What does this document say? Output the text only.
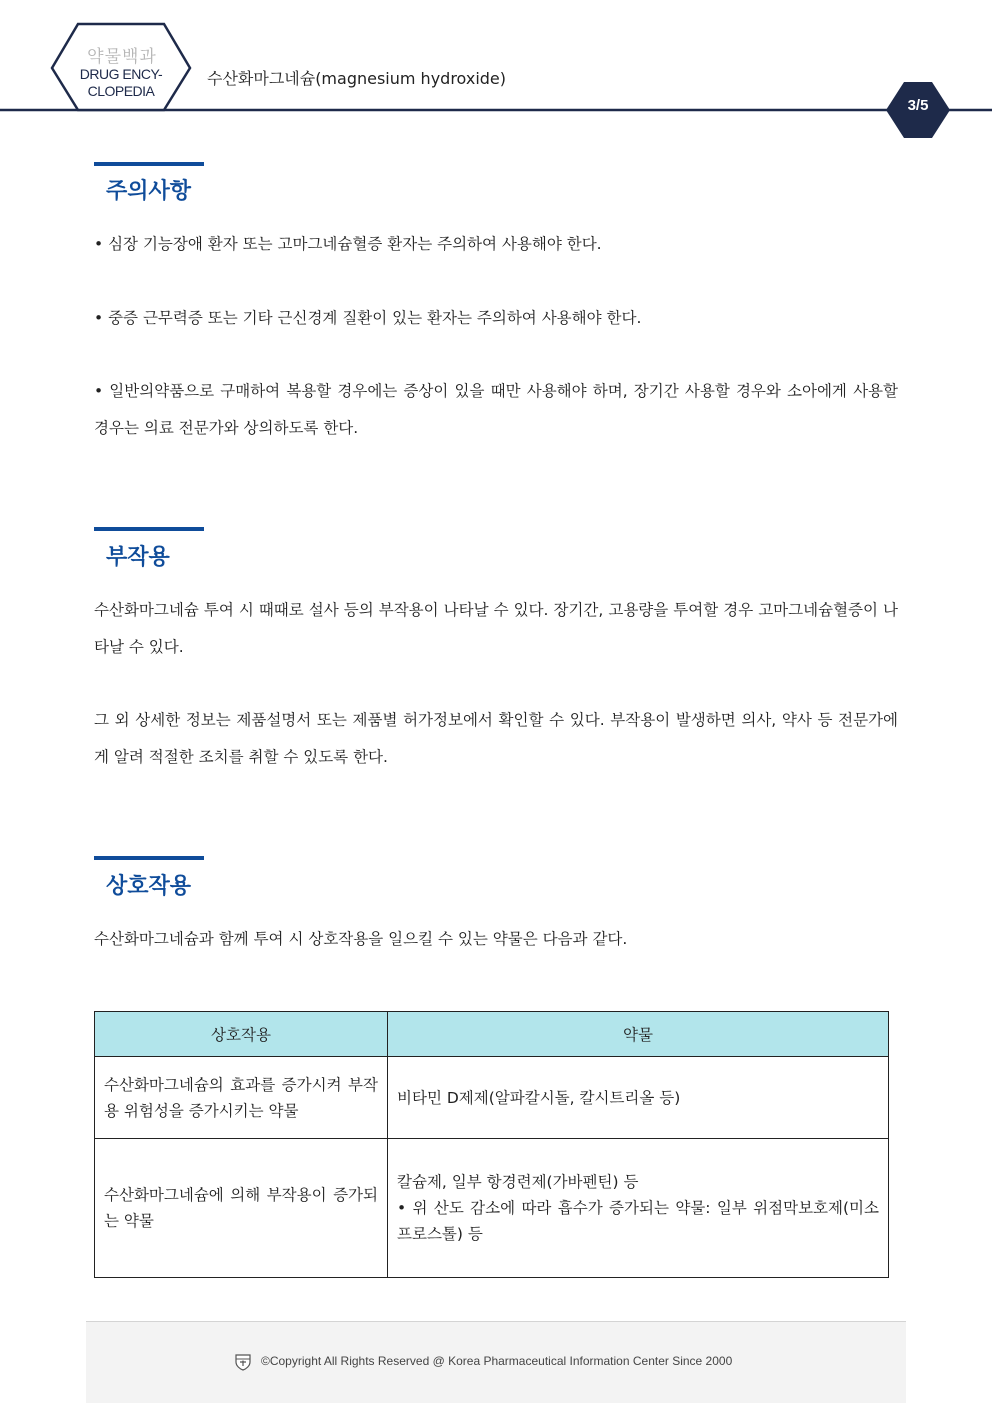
약물백과
DRUG ENCY-
CLOPEDIA
수산화마그네슘(magnesium hydroxide)
3/5
주의사항

• 심장 기능장애 환자 또는 고마그네슘혈증 환자는 주의하여 사용해야 한다.

• 중증 근무력증 또는 기타 근신경계 질환이 있는 환자는 주의하여 사용해야 한다.

• 일반의약품으로 구매하여 복용할 경우에는 증상이 있을 때만 사용해야 하며, 장기간 사용할 경우와 소아에게 사용할 경우는 의료 전문가와 상의하도록 한다.

부작용

수산화마그네슘 투여 시 때때로 설사 등의 부작용이 나타날 수 있다. 장기간, 고용량을 투여할 경우 고마그네슘혈증이 나타날 수 있다.

그 외 상세한 정보는 제품설명서 또는 제품별 허가정보에서 확인할 수 있다. 부작용이 발생하면 의사, 약사 등 전문가에게 알려 적절한 조치를 취할 수 있도록 한다.

상호작용

수산화마그네슘과 함께 투여 시 상호작용을 일으킬 수 있는 약물은 다음과 같다.

상호작용	약물
수산화마그네슘의 효과를 증가시켜 부작용 위험성을 증가시키는 약물	비타민 D제제(알파칼시돌, 칼시트리올 등)

수산화마그네슘에 의해 부작용이 증가되는 약물	칼슘제, 일부 항경련제(가바펜틴) 등
• 위 산도 감소에 따라 흡수가 증가되는 약물: 일부 위점막보호제(미소프로스톨) 등
©Copyright All Rights Reserved @ Korea Pharmaceutical Information Center Since 2000
